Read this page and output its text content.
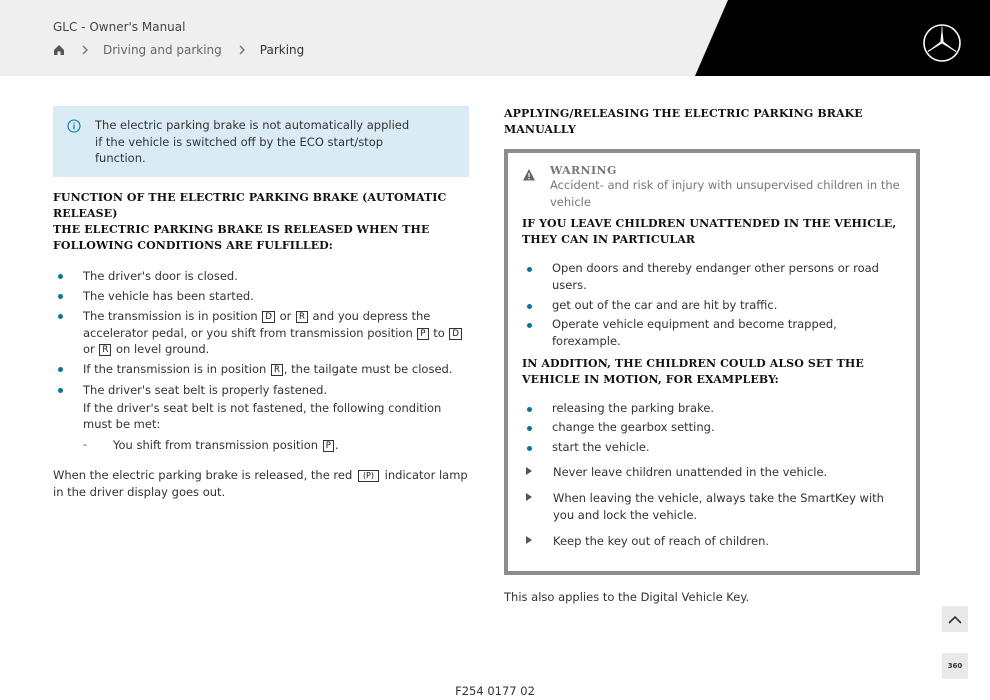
GLC - Owner's Manual
Driving and parking	Parking
The electric parking brake is not automatically applied if the vehicle is switched off by the ECO start/stop function.
FUNCTION OF THE ELECTRIC PARKING BRAKE (AUTOMATIC RELEASE)
THE ELECTRIC PARKING BRAKE IS RELEASED WHEN THE FOLLOWING CONDITIONS ARE FULFILLED:
The driver's door is closed.
The vehicle has been started.
The transmission is in position D or R and you depress the accelerator pedal, or you shift from transmission position P to D or R on level ground.
If the transmission is in position R , the tailgate must be closed.
The driver's seat belt is properly fastened.
If the driver's seat belt is not fastened, the following condition must be met:
- You shift from transmission position P .
When the electric parking brake is released, the red (P) indicator lamp in the driver display goes out.
APPLYING/RELEASING THE ELECTRIC PARKING BRAKE MANUALLY
WARNING
Accident- and risk of injury with unsupervised children in the vehicle
IF YOU LEAVE CHILDREN UNATTENDED IN THE VEHICLE, THEY CAN IN PARTICULAR
Open doors and thereby endanger other persons or road users.
get out of the car and are hit by traffic.
Operate vehicle equipment and become trapped, forexample.
IN ADDITION, THE CHILDREN COULD ALSO SET THE VEHICLE IN MOTION, FOR EXAMPLEBY:
releasing the parking brake.
change the gearbox setting.
start the vehicle.
Never leave children unattended in the vehicle.
When leaving the vehicle, always take the SmartKey with you and lock the vehicle.
Keep the key out of reach of children.
This also applies to the Digital Vehicle Key.
360
F254 0177 02
